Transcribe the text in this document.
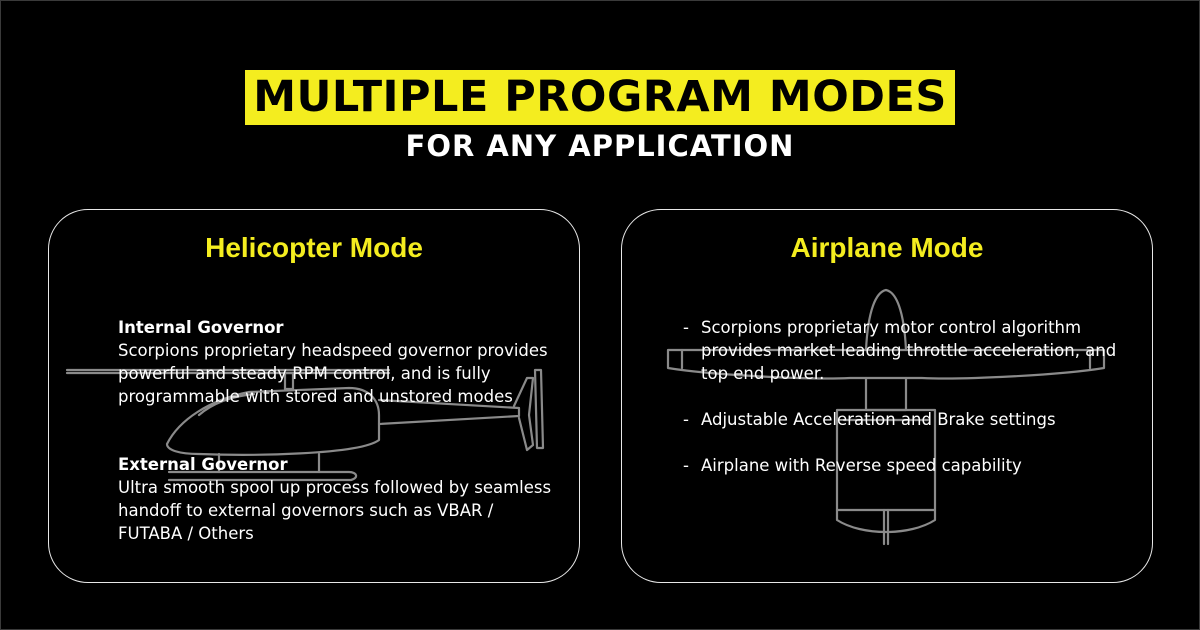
MULTIPLE PROGRAM MODES
FOR ANY APPLICATION
Helicopter Mode
Internal Governor

Scorpions proprietary headspeed governor provides powerful and steady RPM control, and is fully programmable with stored and unstored modes

External Governor

Ultra smooth spool up process followed by seamless handoff to external governors such as VBAR / FUTABA / Others

Airplane Mode
- Scorpions proprietary motor control algorithm provides market leading throttle acceleration, and top end power.
- Adjustable Acceleration and Brake settings
- Airplane with Reverse speed capability
